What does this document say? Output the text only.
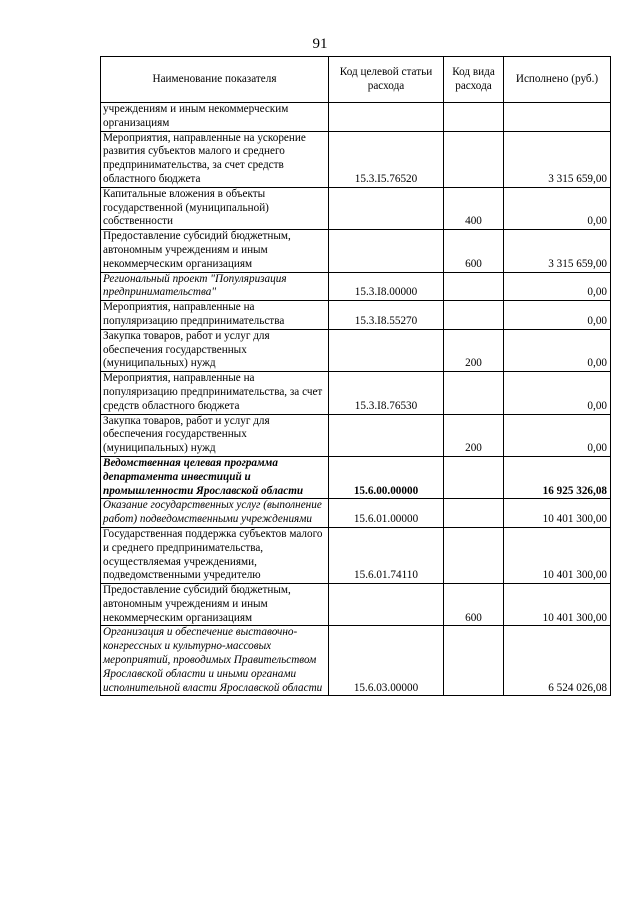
91
Наименование показателя	Код целевой статьи расхода	Код вида расхода	Исполнено (руб.)
учреждениям и иным некоммерческим организациям			
Мероприятия, направленные на ускорение развития субъектов малого и среднего предпринимательства, за счет средств областного бюджета	15.3.I5.76520		3 315 659,00
Капитальные вложения в объекты государственной (муниципальной) собственности		400	0,00
Предоставление субсидий бюджетным, автономным учреждениям и иным некоммерческим организациям		600	3 315 659,00
Региональный проект "Популяризация предпринимательства"	15.3.I8.00000		0,00
Мероприятия, направленные на популяризацию предпринимательства	15.3.I8.55270		0,00
Закупка товаров, работ и услуг для обеспечения государственных (муниципальных) нужд		200	0,00
Мероприятия, направленные на популяризацию предпринимательства, за счет средств областного бюджета	15.3.I8.76530		0,00
Закупка товаров, работ и услуг для обеспечения государственных (муниципальных) нужд		200	0,00
Ведомственная целевая программа департамента инвестиций и промышленности Ярославской области	15.6.00.00000		16 925 326,08
Оказание государственных услуг (выполнение работ) подведомственными учреждениями	15.6.01.00000		10 401 300,00
Государственная поддержка субъектов малого и среднего предпринимательства, осуществляемая учреждениями, подведомственными учредителю	15.6.01.74110		10 401 300,00
Предоставление субсидий бюджетным, автономным учреждениям и иным некоммерческим организациям		600	10 401 300,00
Организация и обеспечение выставочно-конгрессных и культурно-массовых мероприятий, проводимых Правительством Ярославской области и иными органами исполнительной власти Ярославской области	15.6.03.00000		6 524 026,08
